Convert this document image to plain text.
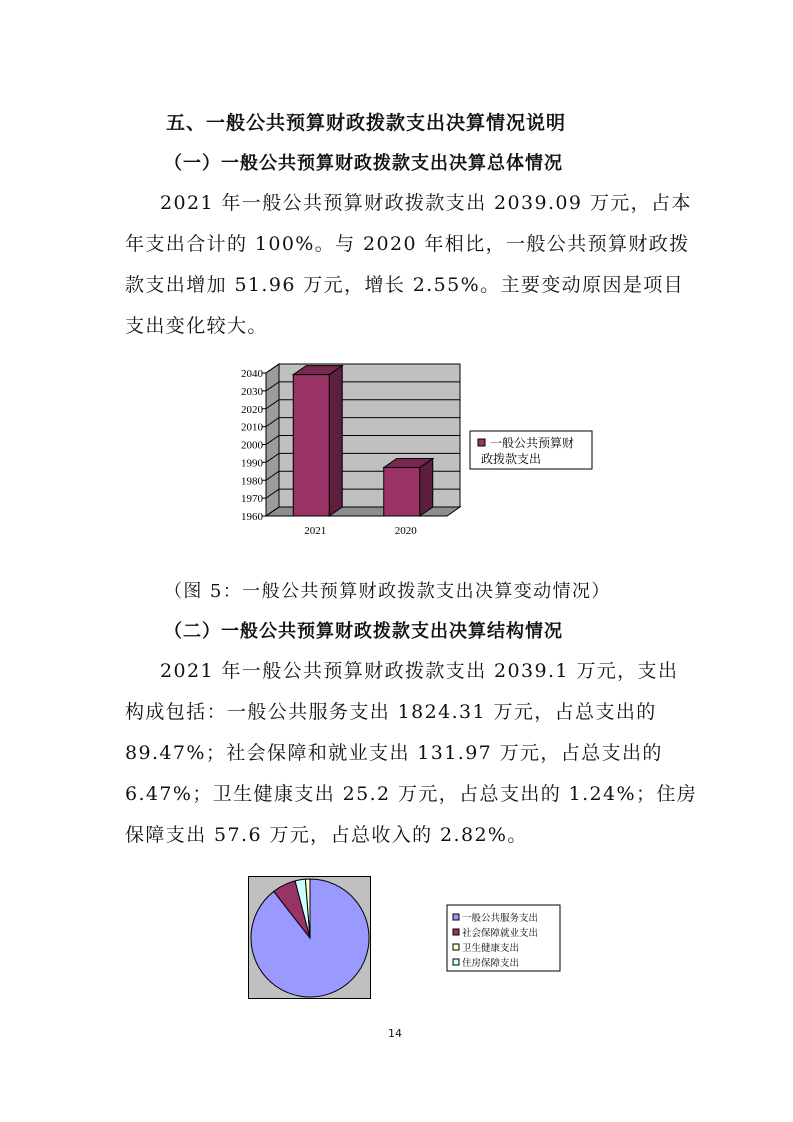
五、一般公共预算财政拨款支出决算情况说明
（一）一般公共预算财政拨款支出决算总体情况
2021 年一般公共预算财政拨款支出 2039.09 万元，占本
年支出合计的 100%。与 2020 年相比，一般公共预算财政拨
款支出增加 51.96 万元，增长 2.55%。主要变动原因是项目
支出变化较大。
1960
1970
1980
1990
2000
2010
2020
2030
2040
2021	2020
一般公共预算财政拨款支出
（图 5：一般公共预算财政拨款支出决算变动情况）
（二）一般公共预算财政拨款支出决算结构情况
2021 年一般公共预算财政拨款支出 2039.1 万元，支出
构成包括：一般公共服务支出 1824.31 万元，占总支出的
89.47%；社会保障和就业支出 131.97 万元，占总支出的
6.47%；卫生健康支出 25.2 万元，占总支出的 1.24%；住房
保障支出 57.6 万元，占总收入的 2.82%。
一般公共服务支出
社会保障就业支出
卫生健康支出
住房保障支出
14
